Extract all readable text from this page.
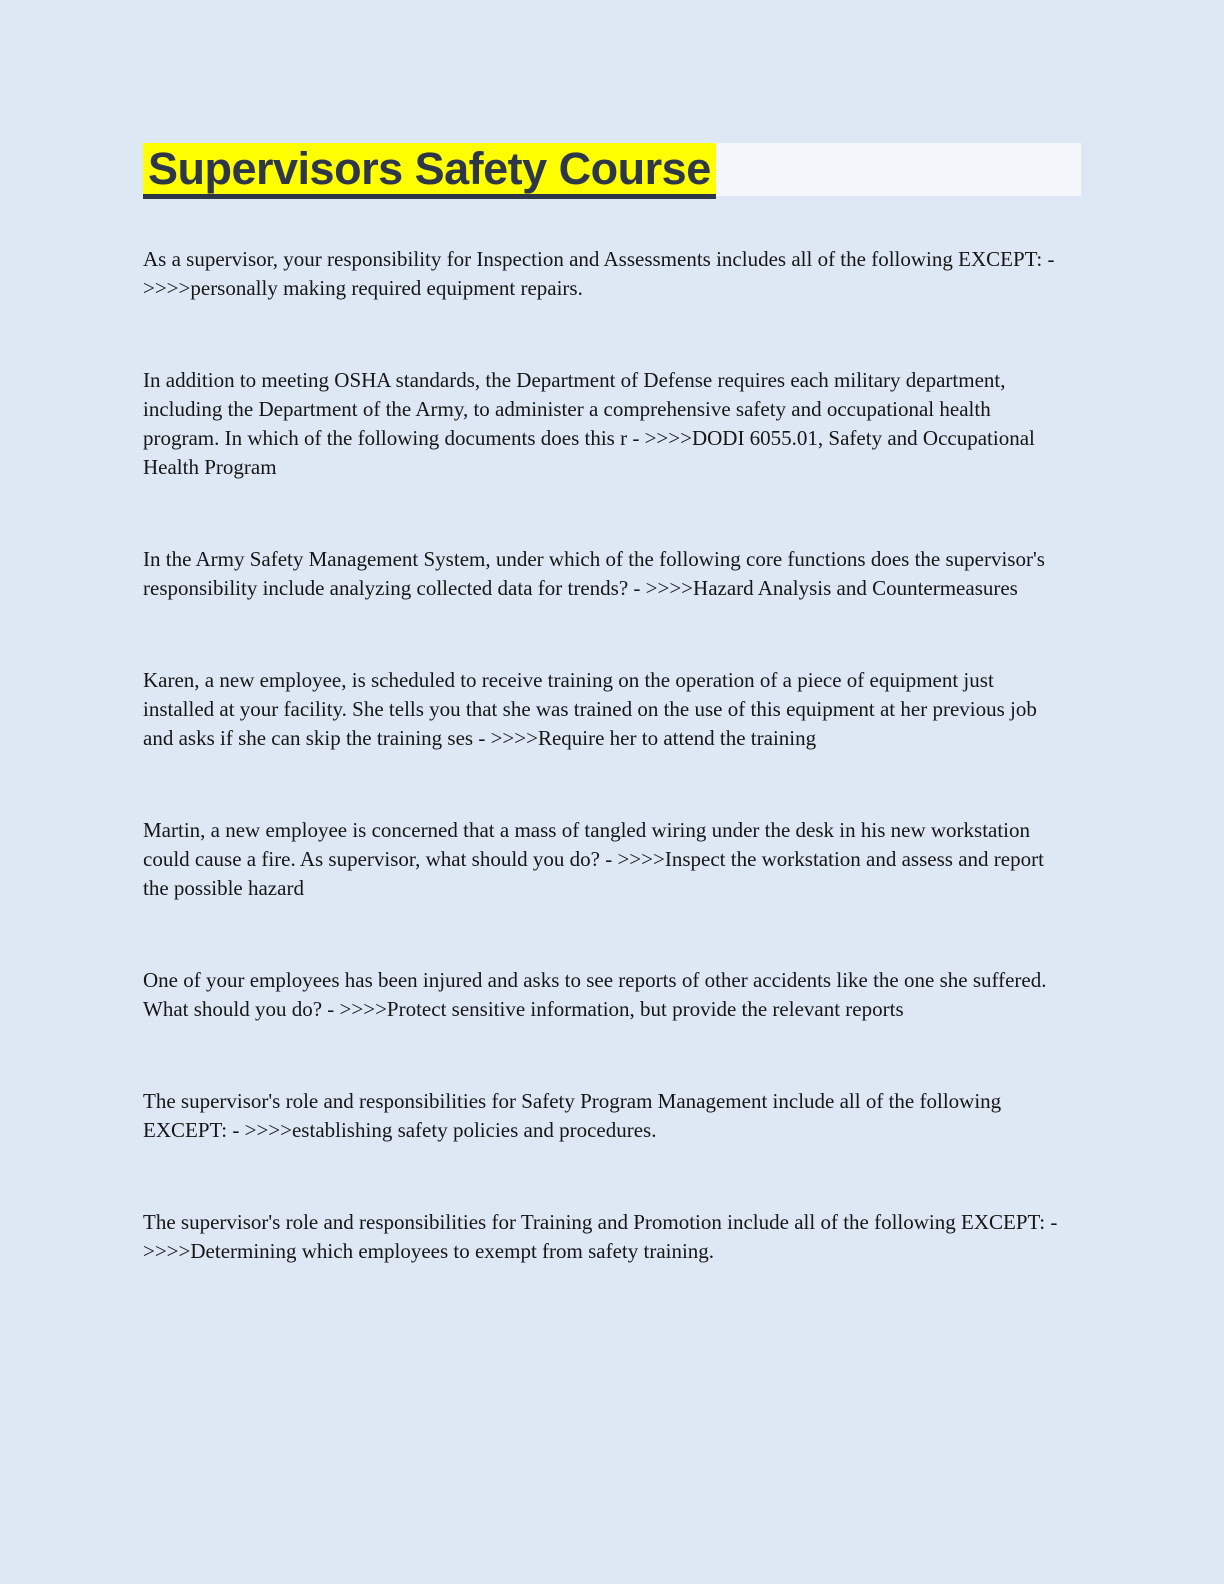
Supervisors Safety Course

As a supervisor, your responsibility for Inspection and Assessments includes all of the following EXCEPT: - >>>>personally making required equipment repairs.

In addition to meeting OSHA standards, the Department of Defense requires each military department, including the Department of the Army, to administer a comprehensive safety and occupational health program. In which of the following documents does this r - >>>>DODI 6055.01, Safety and Occupational Health Program

In the Army Safety Management System, under which of the following core functions does the supervisor's responsibility include analyzing collected data for trends? - >>>>Hazard Analysis and Countermeasures

Karen, a new employee, is scheduled to receive training on the operation of a piece of equipment just installed at your facility. She tells you that she was trained on the use of this equipment at her previous job and asks if she can skip the training ses - >>>>Require her to attend the training

Martin, a new employee is concerned that a mass of tangled wiring under the desk in his new workstation could cause a fire. As supervisor, what should you do? - >>>>Inspect the workstation and assess and report the possible hazard

One of your employees has been injured and asks to see reports of other accidents like the one she suffered. What should you do? - >>>>Protect sensitive information, but provide the relevant reports

The supervisor's role and responsibilities for Safety Program Management include all of the following EXCEPT: - >>>>establishing safety policies and procedures.

The supervisor's role and responsibilities for Training and Promotion include all of the following EXCEPT: - >>>>Determining which employees to exempt from safety training.
